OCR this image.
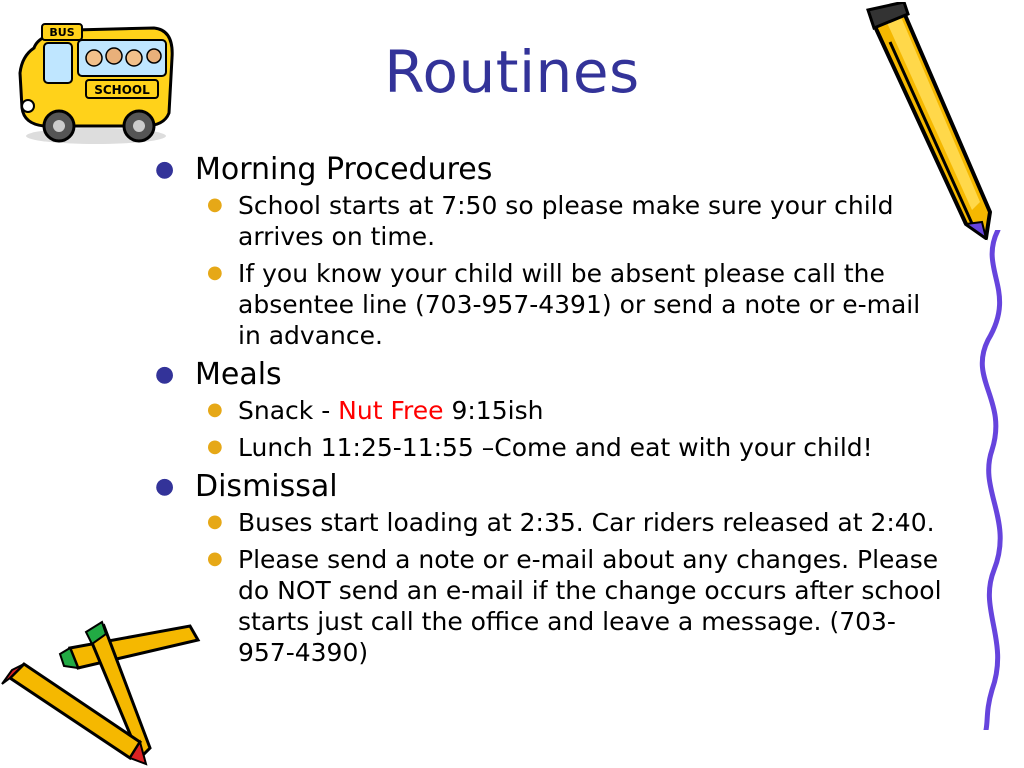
SCHOOL
BUS
Routines
● Morning Procedures
● School starts at 7:50 so please make sure your child arrives on time.
● If you know your child will be absent please call the absentee line (703-957-4391) or send a note or e-mail in advance.
● Meals
● Snack - Nut Free 9:15ish
● Lunch 11:25-11:55 –Come and eat with your child!
● Dismissal
● Buses start loading at 2:35. Car riders released at 2:40.
● Please send a note or e-mail about any changes. Please do NOT send an e-mail if the change occurs after school starts just call the office and leave a message. (703-957-4390)
